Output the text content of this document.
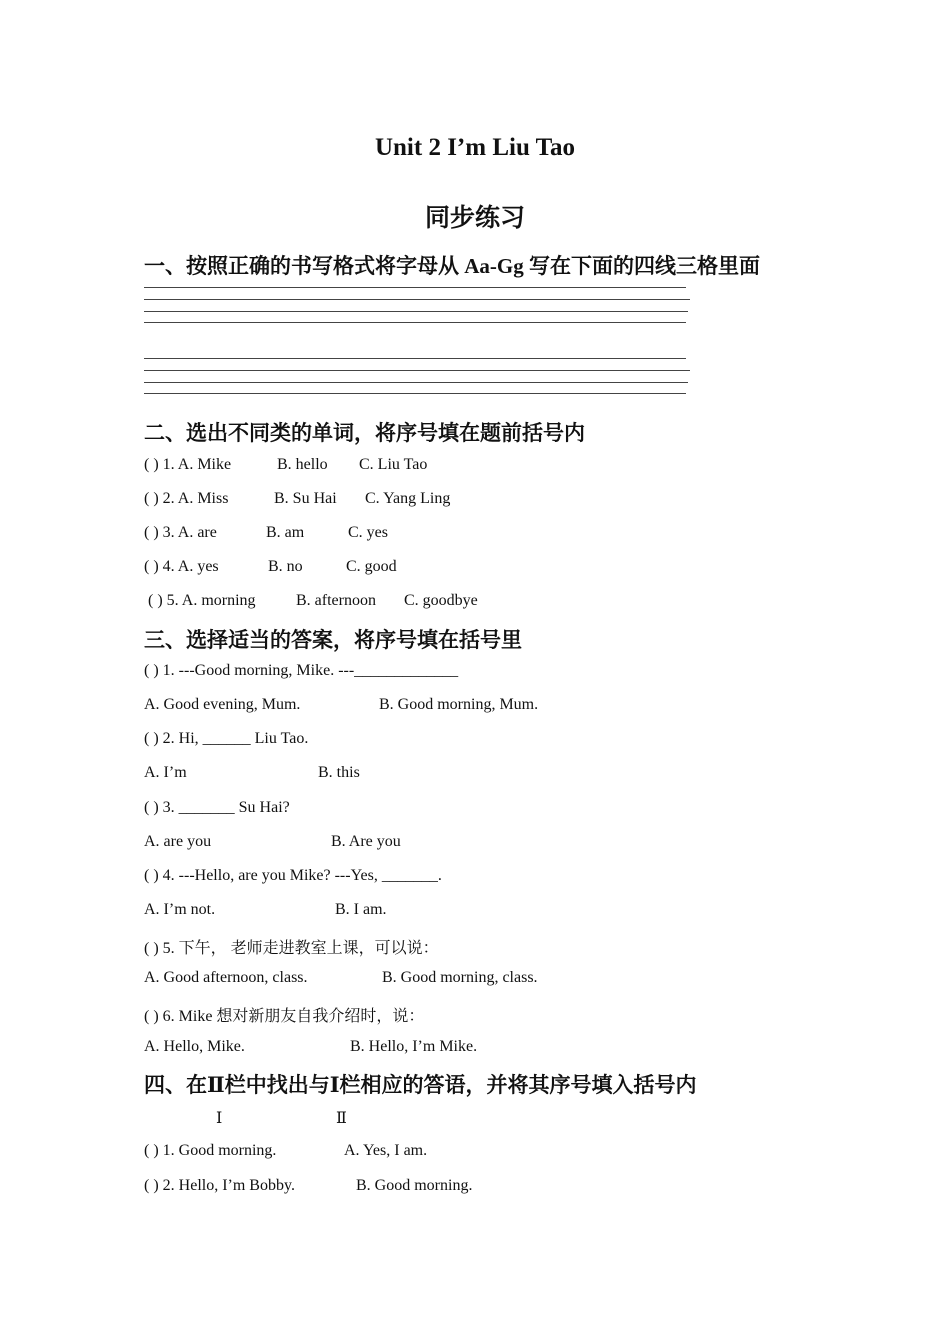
Unit 2 I’m Liu Tao
同步练习
一、按照正确的书写格式将字母从 Aa-Gg 写在下面的四线三格里面
二、选出不同类的单词，将序号填在题前括号内
( ) 1. A. Mike	B. hello C. Liu Tao
( ) 2. A. Miss	B. Su Hai C. Yang Ling
( ) 3. A. are	B. am	C. yes
( ) 4. A. yes	B. no	C. good
( ) 5. A. morning	B. afternoon C. goodbye
三、选择适当的答案，将序号填在括号里
( ) 1. ---Good morning, Mike. ---_____________
A. Good evening, Mum.	B. Good morning, Mum.
( ) 2. Hi, ______ Liu Tao.
A. I’m	B. this
( ) 3. _______ Su Hai?
A. are you	B. Are you
( ) 4. ---Hello, are you Mike? ---Yes, _______.
A. I’m not.	B. I am.
( ) 5. 下午， 老师走进教室上课，可以说：
A. Good afternoon, class.	B. Good morning, class.
( ) 6. Mike 想对新朋友自我介绍时，说：
A. Hello, Mike.	B. Hello, I’m Mike.
四、在Ⅱ栏中找出与Ⅰ栏相应的答语，并将其序号填入括号内
Ⅰ	Ⅱ
( ) 1. Good morning.	A. Yes, I am.
( ) 2. Hello, I’m Bobby.	B. Good morning.
